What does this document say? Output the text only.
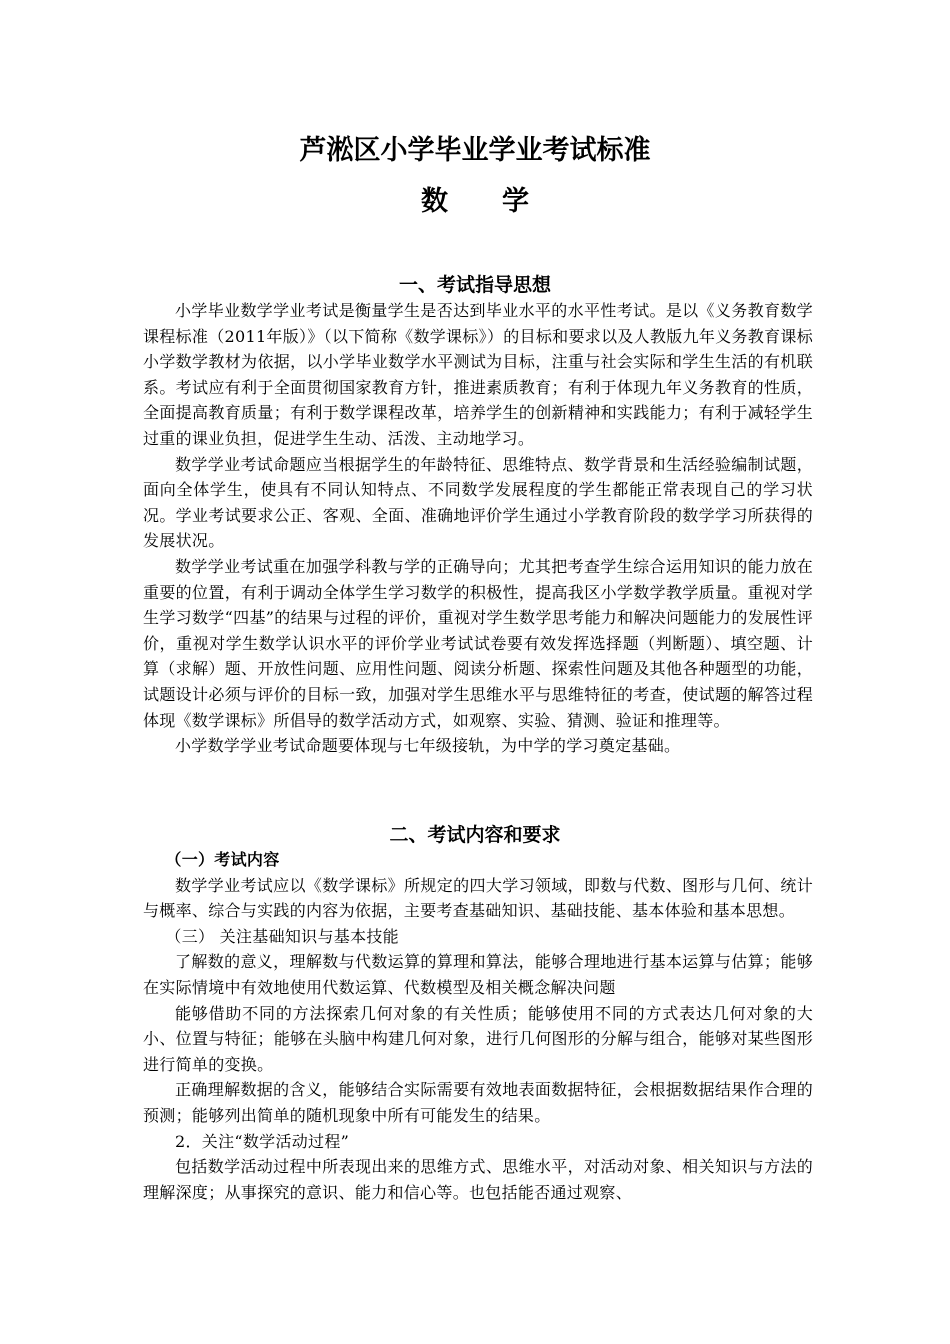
芦淞区小学毕业学业考试标准
数　　学
一、考试指导思想
小学毕业数学学业考试是衡量学生是否达到毕业水平的水平性考试。是以《义务教育数学课程标准（2011年版）》（以下简称《数学课标》）的目标和要求以及人教版九年义务教育课标小学数学教材为依据，以小学毕业数学水平测试为目标，注重与社会实际和学生生活的有机联系。考试应有利于全面贯彻国家教育方针，推进素质教育；有利于体现九年义务教育的性质，全面提高教育质量；有利于数学课程改革，培养学生的创新精神和实践能力；有利于减轻学生过重的课业负担，促进学生生动、活泼、主动地学习。
数学学业考试命题应当根据学生的年龄特征、思维特点、数学背景和生活经验编制试题，面向全体学生，使具有不同认知特点、不同数学发展程度的学生都能正常表现自己的学习状况。学业考试要求公正、客观、全面、准确地评价学生通过小学教育阶段的数学学习所获得的发展状况。
数学学业考试重在加强学科教与学的正确导向；尤其把考查学生综合运用知识的能力放在重要的位置，有利于调动全体学生学习数学的积极性，提高我区小学数学教学质量。重视对学生学习数学“四基”的结果与过程的评价，重视对学生数学思考能力和解决问题能力的发展性评价，重视对学生数学认识水平的评价学业考试试卷要有效发挥选择题（判断题）、填空题、计算（求解）题、开放性问题、应用性问题、阅读分析题、探索性问题及其他各种题型的功能，试题设计必须与评价的目标一致，加强对学生思维水平与思维特征的考查，使试题的解答过程体现《数学课标》所倡导的数学活动方式，如观察、实验、猜测、验证和推理等。
小学数学学业考试命题要体现与七年级接轨，为中学的学习奠定基础。
二、考试内容和要求
（一）考试内容
数学学业考试应以《数学课标》所规定的四大学习领域，即数与代数、图形与几何、统计与概率、综合与实践的内容为依据，主要考查基础知识、基础技能、基本体验和基本思想。
（三） 关注基础知识与基本技能
了解数的意义，理解数与代数运算的算理和算法，能够合理地进行基本运算与估算；能够在实际情境中有效地使用代数运算、代数模型及相关概念解决问题
能够借助不同的方法探索几何对象的有关性质；能够使用不同的方式表达几何对象的大小、位置与特征；能够在头脑中构建几何对象，进行几何图形的分解与组合，能够对某些图形进行简单的变换。
正确理解数据的含义，能够结合实际需要有效地表面数据特征，会根据数据结果作合理的预测；能够列出简单的随机现象中所有可能发生的结果。
2．关注“数学活动过程”
包括数学活动过程中所表现出来的思维方式、思维水平，对活动对象、相关知识与方法的理解深度；从事探究的意识、能力和信心等。也包括能否通过观察、
